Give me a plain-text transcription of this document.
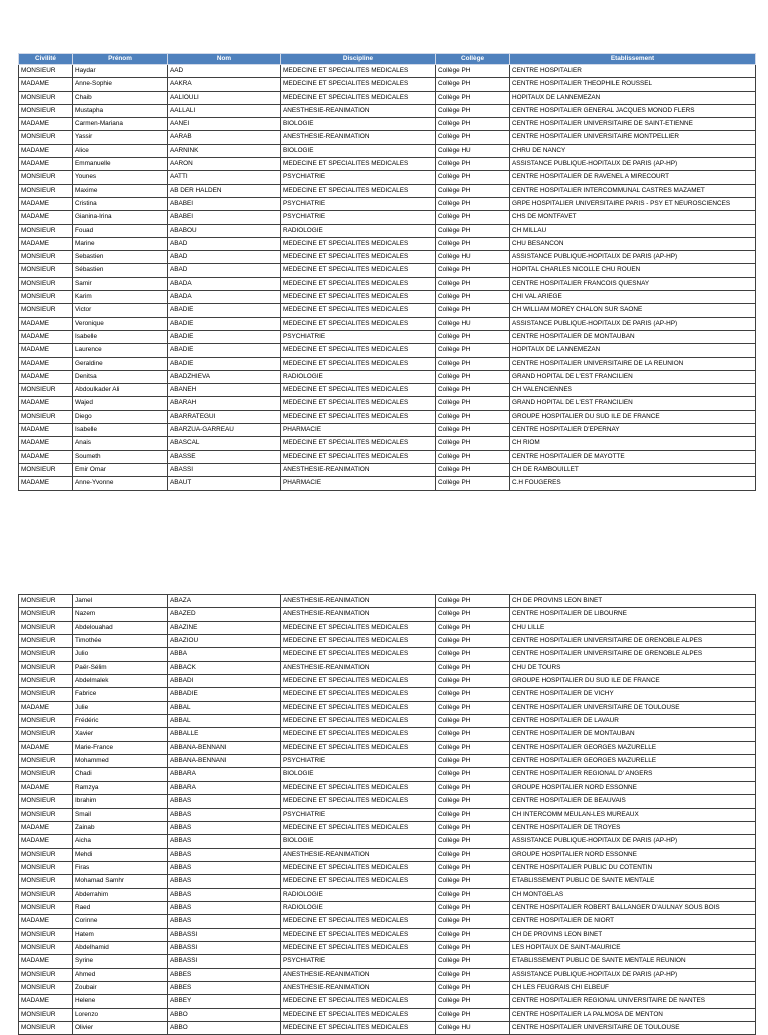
Civilité	Prénom	Nom	Discipline	Collège	Etablissement
MONSIEUR	Haydar	AAD	MEDECINE ET SPECIALITES MEDICALES	Collège PH	CENTRE HOSPITALIER
MADAME	Anne-Sophie	AAKRA	MEDECINE ET SPECIALITES MEDICALES	Collège PH	CENTRE HOSPITALIER THEOPHILE ROUSSEL
MONSIEUR	Chaib	AALIOULI	MEDECINE ET SPECIALITES MEDICALES	Collège PH	HOPITAUX DE LANNEMEZAN
MONSIEUR	Mustapha	AALLALI	ANESTHESIE-REANIMATION	Collège PH	CENTRE HOSPITALIER GENERAL JACQUES MONOD FLERS
MADAME	Carmen-Mariana	AANEI	BIOLOGIE	Collège PH	CENTRE HOSPITALIER UNIVERSITAIRE DE SAINT-ETIENNE
MONSIEUR	Yassir	AARAB	ANESTHESIE-REANIMATION	Collège PH	CENTRE HOSPITALIER UNIVERSITAIRE MONTPELLIER
MADAME	Alice	AARNINK	BIOLOGIE	Collège HU	CHRU DE NANCY
MADAME	Emmanuelle	AARON	MEDECINE ET SPECIALITES MEDICALES	Collège PH	ASSISTANCE PUBLIQUE-HOPITAUX DE PARIS (AP-HP)
MONSIEUR	Younes	AATTI	PSYCHIATRIE	Collège PH	CENTRE HOSPITALIER DE RAVENEL A MIRECOURT
MONSIEUR	Maxime	AB DER HALDEN	MEDECINE ET SPECIALITES MEDICALES	Collège PH	CENTRE HOSPITALIER INTERCOMMUNAL CASTRES MAZAMET
MADAME	Cristina	ABABEI	PSYCHIATRIE	Collège PH	GRPE HOSPITALIER UNIVERSITAIRE PARIS - PSY ET NEUROSCIENCES
MADAME	Gianina-Irina	ABABEI	PSYCHIATRIE	Collège PH	CHS DE MONTFAVET
MONSIEUR	Fouad	ABABOU	RADIOLOGIE	Collège PH	CH MILLAU
MADAME	Marine	ABAD	MEDECINE ET SPECIALITES MEDICALES	Collège PH	CHU BESANCON
MONSIEUR	Sebastien	ABAD	MEDECINE ET SPECIALITES MEDICALES	Collège HU	ASSISTANCE PUBLIQUE-HOPITAUX DE PARIS (AP-HP)
MONSIEUR	Sébastien	ABAD	MEDECINE ET SPECIALITES MEDICALES	Collège PH	HOPITAL CHARLES NICOLLE CHU ROUEN
MONSIEUR	Samir	ABADA	MEDECINE ET SPECIALITES MEDICALES	Collège PH	CENTRE HOSPITALIER FRANCOIS QUESNAY
MONSIEUR	Karim	ABADA	MEDECINE ET SPECIALITES MEDICALES	Collège PH	CHI VAL ARIEGE
MONSIEUR	Victor	ABADIE	MEDECINE ET SPECIALITES MEDICALES	Collège PH	CH WILLIAM MOREY CHALON SUR SAONE
MADAME	Veronique	ABADIE	MEDECINE ET SPECIALITES MEDICALES	Collège HU	ASSISTANCE PUBLIQUE-HOPITAUX DE PARIS (AP-HP)
MADAME	Isabelle	ABADIE	PSYCHIATRIE	Collège PH	CENTRE HOSPITALIER DE MONTAUBAN
MADAME	Laurence	ABADIE	MEDECINE ET SPECIALITES MEDICALES	Collège PH	HOPITAUX DE LANNEMEZAN
MADAME	Geraldine	ABADIE	MEDECINE ET SPECIALITES MEDICALES	Collège PH	CENTRE HOSPITALIER UNIVERSITAIRE DE LA REUNION
MADAME	Denitsa	ABADZHIEVA	RADIOLOGIE	Collège PH	GRAND HOPITAL DE L'EST FRANCILIEN
MONSIEUR	Abdoulkader Ali	ABANEH	MEDECINE ET SPECIALITES MEDICALES	Collège PH	CH VALENCIENNES
MADAME	Wajed	ABARAH	MEDECINE ET SPECIALITES MEDICALES	Collège PH	GRAND HOPITAL DE L'EST FRANCILIEN
MONSIEUR	Diego	ABARRATEGUI	MEDECINE ET SPECIALITES MEDICALES	Collège PH	GROUPE HOSPITALIER DU SUD ILE DE FRANCE
MADAME	Isabelle	ABARZUA-GARREAU	PHARMACIE	Collège PH	CENTRE HOSPITALIER D'EPERNAY
MADAME	Anais	ABASCAL	MEDECINE ET SPECIALITES MEDICALES	Collège PH	CH RIOM
MADAME	Soumeth	ABASSE	MEDECINE ET SPECIALITES MEDICALES	Collège PH	CENTRE HOSPITALIER DE MAYOTTE
MONSIEUR	Emir Omar	ABASSI	ANESTHESIE-REANIMATION	Collège PH	CH DE RAMBOUILLET
MADAME	Anne-Yvonne	ABAUT	PHARMACIE	Collège PH	C.H FOUGERES
MONSIEUR	Jamel	ABAZA	ANESTHESIE-REANIMATION	Collège PH	CH DE PROVINS LEON BINET
MONSIEUR	Nazem	ABAZED	ANESTHESIE-REANIMATION	Collège PH	CENTRE HOSPITALIER DE LIBOURNE
MONSIEUR	Abdelouahad	ABAZINE	MEDECINE ET SPECIALITES MEDICALES	Collège PH	CHU LILLE
MONSIEUR	Timothée	ABAZIOU	MEDECINE ET SPECIALITES MEDICALES	Collège PH	CENTRE HOSPITALIER UNIVERSITAIRE DE GRENOBLE ALPES
MONSIEUR	Julio	ABBA	MEDECINE ET SPECIALITES MEDICALES	Collège PH	CENTRE HOSPITALIER UNIVERSITAIRE DE GRENOBLE ALPES
MONSIEUR	Paër-Sélim	ABBACK	ANESTHESIE-REANIMATION	Collège PH	CHU DE TOURS
MONSIEUR	Abdelmalek	ABBADI	MEDECINE ET SPECIALITES MEDICALES	Collège PH	GROUPE HOSPITALIER DU SUD ILE DE FRANCE
MONSIEUR	Fabrice	ABBADIE	MEDECINE ET SPECIALITES MEDICALES	Collège PH	CENTRE HOSPITALIER DE VICHY
MADAME	Julie	ABBAL	MEDECINE ET SPECIALITES MEDICALES	Collège PH	CENTRE HOSPITALIER UNIVERSITAIRE DE TOULOUSE
MONSIEUR	Frédéric	ABBAL	MEDECINE ET SPECIALITES MEDICALES	Collège PH	CENTRE HOSPITALIER DE LAVAUR
MONSIEUR	Xavier	ABBALLE	MEDECINE ET SPECIALITES MEDICALES	Collège PH	CENTRE HOSPITALIER DE MONTAUBAN
MADAME	Marie-France	ABBANA-BENNANI	MEDECINE ET SPECIALITES MEDICALES	Collège PH	CENTRE HOSPITALIER GEORGES MAZURELLE
MONSIEUR	Mohammed	ABBANA-BENNANI	PSYCHIATRIE	Collège PH	CENTRE HOSPITALIER GEORGES MAZURELLE
MONSIEUR	Chadi	ABBARA	BIOLOGIE	Collège PH	CENTRE HOSPITALIER REGIONAL D' ANGERS
MADAME	Ramzya	ABBARA	MEDECINE ET SPECIALITES MEDICALES	Collège PH	GROUPE HOSPITALIER NORD ESSONNE
MONSIEUR	Ibrahim	ABBAS	MEDECINE ET SPECIALITES MEDICALES	Collège PH	CENTRE HOSPITALIER DE BEAUVAIS
MONSIEUR	Smail	ABBAS	PSYCHIATRIE	Collège PH	CH INTERCOMM MEULAN-LES MUREAUX
MADAME	Zainab	ABBAS	MEDECINE ET SPECIALITES MEDICALES	Collège PH	CENTRE HOSPITALIER DE TROYES
MADAME	Aicha	ABBAS	BIOLOGIE	Collège PH	ASSISTANCE PUBLIQUE-HOPITAUX DE PARIS (AP-HP)
MONSIEUR	Mehdi	ABBAS	ANESTHESIE-REANIMATION	Collège PH	GROUPE HOSPITALIER NORD ESSONNE
MONSIEUR	Firas	ABBAS	MEDECINE ET SPECIALITES MEDICALES	Collège PH	CENTRE HOSPITALIER PUBLIC DU COTENTIN
MONSIEUR	Mohamad Samhr	ABBAS	MEDECINE ET SPECIALITES MEDICALES	Collège PH	ETABLISSEMENT PUBLIC DE SANTE MENTALE
MONSIEUR	Abderrahim	ABBAS	RADIOLOGIE	Collège PH	CH MONTGELAS
MONSIEUR	Raed	ABBAS	RADIOLOGIE	Collège PH	CENTRE HOSPITALIER ROBERT BALLANGER D'AULNAY SOUS BOIS
MADAME	Corinne	ABBAS	MEDECINE ET SPECIALITES MEDICALES	Collège PH	CENTRE HOSPITALIER DE NIORT
MONSIEUR	Hatem	ABBASSI	MEDECINE ET SPECIALITES MEDICALES	Collège PH	CH DE PROVINS LEON BINET
MONSIEUR	Abdelhamid	ABBASSI	MEDECINE ET SPECIALITES MEDICALES	Collège PH	LES HOPITAUX DE SAINT-MAURICE
MADAME	Syrine	ABBASSI	PSYCHIATRIE	Collège PH	ETABLISSEMENT PUBLIC DE SANTE MENTALE REUNION
MONSIEUR	Ahmed	ABBES	ANESTHESIE-REANIMATION	Collège PH	ASSISTANCE PUBLIQUE-HOPITAUX DE PARIS (AP-HP)
MONSIEUR	Zoubair	ABBES	ANESTHESIE-REANIMATION	Collège PH	CH LES FEUGRAIS CHI ELBEUF
MADAME	Helene	ABBEY	MEDECINE ET SPECIALITES MEDICALES	Collège PH	CENTRE HOSPITALIER REGIONAL UNIVERSITAIRE DE NANTES
MONSIEUR	Lorenzo	ABBO	MEDECINE ET SPECIALITES MEDICALES	Collège PH	CENTRE HOSPITALIER LA PALMOSA DE MENTON
MONSIEUR	Olivier	ABBO	MEDECINE ET SPECIALITES MEDICALES	Collège HU	CENTRE HOSPITALIER UNIVERSITAIRE DE TOULOUSE
